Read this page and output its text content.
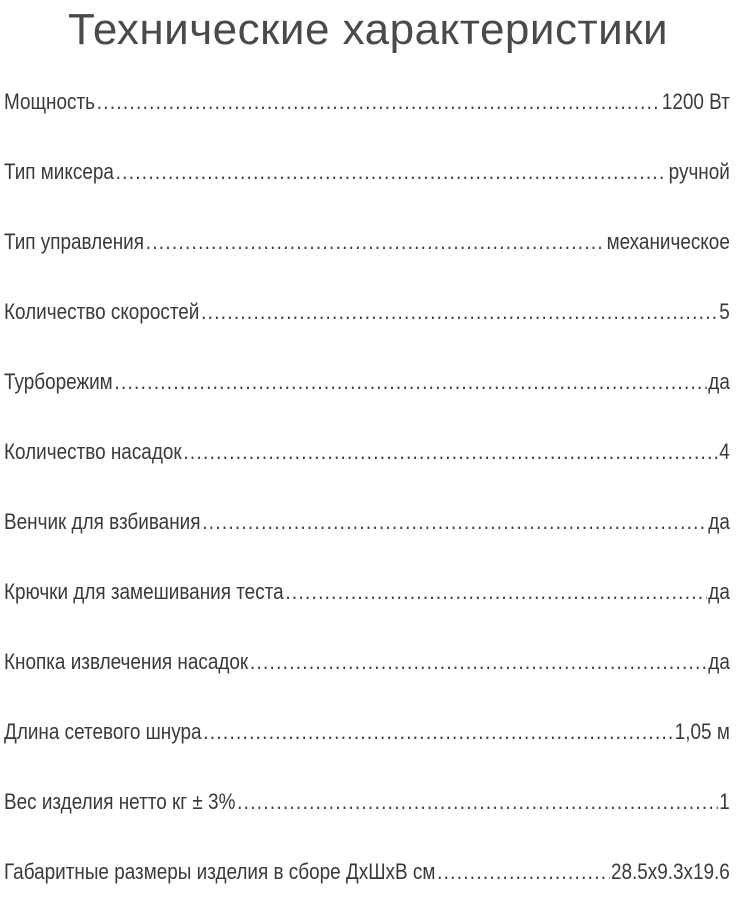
Технические характеристики
Мощность .....	1200 Вт
Тип миксера .....	ручной
Тип управления .....	механическое
Количество скоростей .....	5
Турборежим .....	да
Количество насадок .....	4
Венчик для взбивания .....	да
Крючки для замешивания теста .....	да
Кнопка извлечения насадок .....	да
Длина сетевого шнура .....	1,05 м
Вес изделия нетто кг ± 3% .....	1
Габаритные размеры изделия в сборе ДхШхВ см .....	28.5x9.3x19.6
